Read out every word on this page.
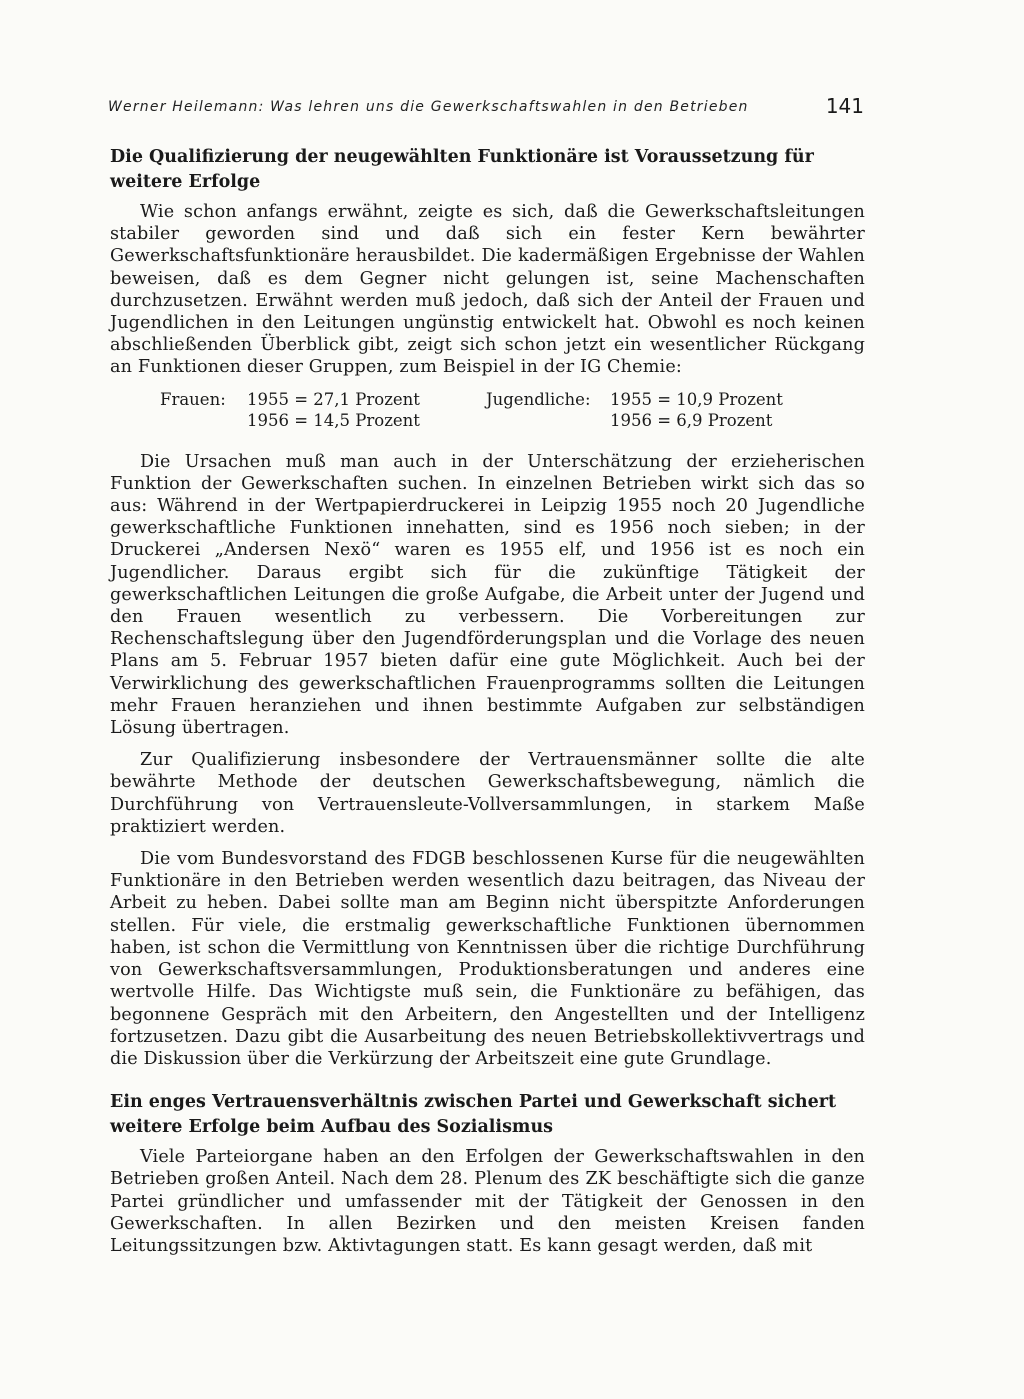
Werner Heilemann: Was lehren uns die Gewerkschaftswahlen in den Betrieben	141
Die Qualifizierung der neugewählten Funktionäre ist Voraussetzung für weitere Erfolge

Wie schon anfangs erwähnt, zeigte es sich, daß die Gewerkschaftsleitungen stabiler geworden sind und daß sich ein fester Kern bewährter Gewerkschaftsfunktionäre herausbildet. Die kadermäßigen Ergebnisse der Wahlen beweisen, daß es dem Gegner nicht gelungen ist, seine Machenschaften durchzusetzen. Erwähnt werden muß jedoch, daß sich der Anteil der Frauen und Jugendlichen in den Leitungen ungünstig entwickelt hat. Obwohl es noch keinen abschließenden Überblick gibt, zeigt sich schon jetzt ein wesentlicher Rückgang an Funktionen dieser Gruppen, zum Beispiel in der IG Chemie:

Frauen: 1955 = 27,1 Prozent
1956 = 14,5 Prozent
Jugendliche: 1955 = 10,9 Prozent
1956 = 6,9 Prozent

Die Ursachen muß man auch in der Unterschätzung der erzieherischen Funktion der Gewerkschaften suchen. In einzelnen Betrieben wirkt sich das so aus: Während in der Wertpapierdruckerei in Leipzig 1955 noch 20 Jugendliche gewerkschaftliche Funktionen innehatten, sind es 1956 noch sieben; in der Druckerei „Andersen Nexö“ waren es 1955 elf, und 1956 ist es noch ein Jugendlicher. Daraus ergibt sich für die zukünftige Tätigkeit der gewerkschaftlichen Leitungen die große Aufgabe, die Arbeit unter der Jugend und den Frauen wesentlich zu verbessern. Die Vorbereitungen zur Rechenschaftslegung über den Jugendförderungsplan und die Vorlage des neuen Plans am 5. Februar 1957 bieten dafür eine gute Möglichkeit. Auch bei der Verwirklichung des gewerkschaftlichen Frauenprogramms sollten die Leitungen mehr Frauen heranziehen und ihnen bestimmte Aufgaben zur selbständigen Lösung übertragen.

Zur Qualifizierung insbesondere der Vertrauensmänner sollte die alte bewährte Methode der deutschen Gewerkschaftsbewegung, nämlich die Durchführung von Vertrauensleute-Vollversammlungen, in starkem Maße praktiziert werden.

Die vom Bundesvorstand des FDGB beschlossenen Kurse für die neugewählten Funktionäre in den Betrieben werden wesentlich dazu beitragen, das Niveau der Arbeit zu heben. Dabei sollte man am Beginn nicht überspitzte Anforderungen stellen. Für viele, die erstmalig gewerkschaftliche Funktionen übernommen haben, ist schon die Vermittlung von Kenntnissen über die richtige Durchführung von Gewerkschaftsversammlungen, Produktionsberatungen und anderes eine wertvolle Hilfe. Das Wichtigste muß sein, die Funktionäre zu befähigen, das begonnene Gespräch mit den Arbeitern, den Angestellten und der Intelligenz fortzusetzen. Dazu gibt die Ausarbeitung des neuen Betriebskollektivvertrags und die Diskussion über die Verkürzung der Arbeitszeit eine gute Grundlage.

Ein enges Vertrauensverhältnis zwischen Partei und Gewerkschaft sichert weitere Erfolge beim Aufbau des Sozialismus

Viele Parteiorgane haben an den Erfolgen der Gewerkschaftswahlen in den Betrieben großen Anteil. Nach dem 28. Plenum des ZK beschäftigte sich die ganze Partei gründlicher und umfassender mit der Tätigkeit der Genossen in den Gewerkschaften. In allen Bezirken und den meisten Kreisen fanden Leitungssitzungen bzw. Aktivtagungen statt. Es kann gesagt werden, daß mit
